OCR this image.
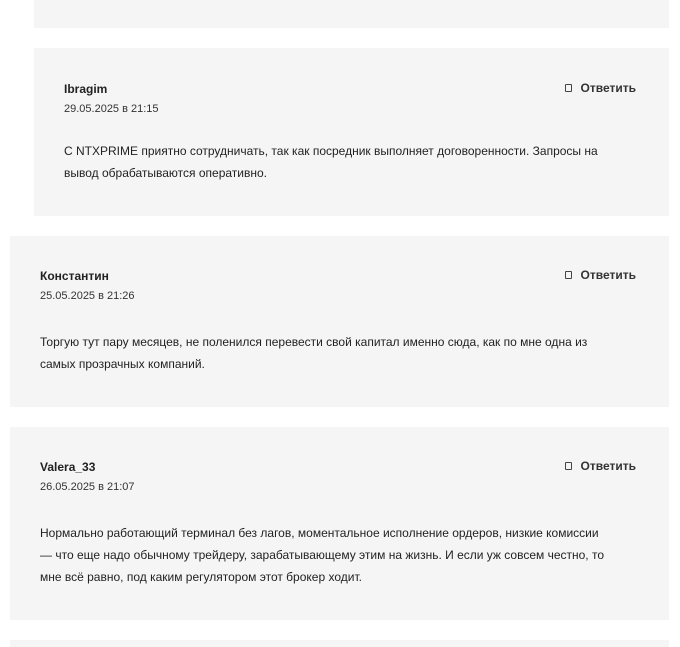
Ibragim
29.05.2025 в 21:15
Ответить
С NTXPRIME приятно сотрудничать, так как посредник выполняет договоренности. Запросы на
вывод обрабатываются оперативно.
Константин
25.05.2025 в 21:26
Ответить
Торгую тут пару месяцев, не поленился перевести свой капитал именно сюда, как по мне одна из
самых прозрачных компаний.
Valera_33
26.05.2025 в 21:07
Ответить
Нормально работающий терминал без лагов, моментальное исполнение ордеров, низкие комиссии
— что еще надо обычному трейдеру, зарабатывающему этим на жизнь. И если уж совсем честно, то
мне всё равно, под каким регулятором этот брокер ходит.
